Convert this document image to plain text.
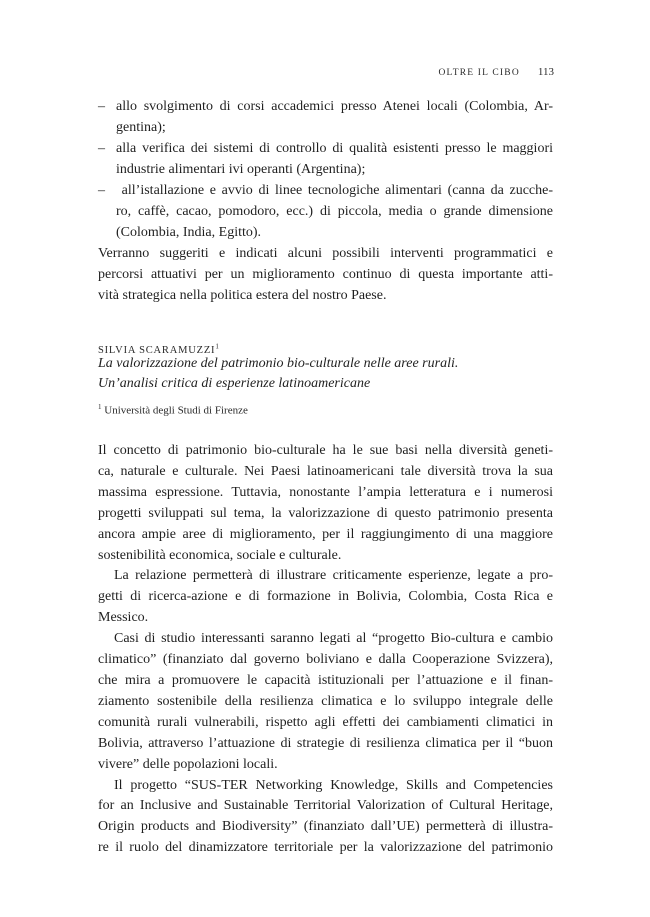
OLTRE IL CIBO 113
– allo svolgimento di corsi accademici presso Atenei locali (Colombia, Ar-
gentina);
– alla verifica dei sistemi di controllo di qualità esistenti presso le maggiori
industrie alimentari ivi operanti (Argentina);
– all’istallazione e avvio di linee tecnologiche alimentari (canna da zucche-
ro, caffè, cacao, pomodoro, ecc.) di piccola, media o grande dimensione
(Colombia, India, Egitto).
Verranno suggeriti e indicati alcuni possibili interventi programmatici e
percorsi attuativi per un miglioramento continuo di questa importante atti-
vità strategica nella politica estera del nostro Paese.
SILVIA SCARAMUZZI$^1$
La valorizzazione del patrimonio bio-culturale nelle aree rurali.
Un’analisi critica di esperienze latinoamericane
$^1$ Università degli Studi di Firenze
Il concetto di patrimonio bio-culturale ha le sue basi nella diversità geneti-
ca, naturale e culturale. Nei Paesi latinoamericani tale diversità trova la sua
massima espressione. Tuttavia, nonostante l’ampia letteratura e i numerosi
progetti sviluppati sul tema, la valorizzazione di questo patrimonio presenta
ancora ampie aree di miglioramento, per il raggiungimento di una maggiore
sostenibilità economica, sociale e culturale.
La relazione permetterà di illustrare criticamente esperienze, legate a pro-
getti di ricerca-azione e di formazione in Bolivia, Colombia, Costa Rica e
Messico.
Casi di studio interessanti saranno legati al “progetto Bio-cultura e cambio
climatico” (finanziato dal governo boliviano e dalla Cooperazione Svizzera),
che mira a promuovere le capacità istituzionali per l’attuazione e il finan-
ziamento sostenibile della resilienza climatica e lo sviluppo integrale delle
comunità rurali vulnerabili, rispetto agli effetti dei cambiamenti climatici in
Bolivia, attraverso l’attuazione di strategie di resilienza climatica per il “buon
vivere” delle popolazioni locali.
Il progetto “SUS-TER Networking Knowledge, Skills and Competencies
for an Inclusive and Sustainable Territorial Valorization of Cultural Heritage,
Origin products and Biodiversity” (finanziato dall’UE) permetterà di illustra-
re il ruolo del dinamizzatore territoriale per la valorizzazione del patrimonio
